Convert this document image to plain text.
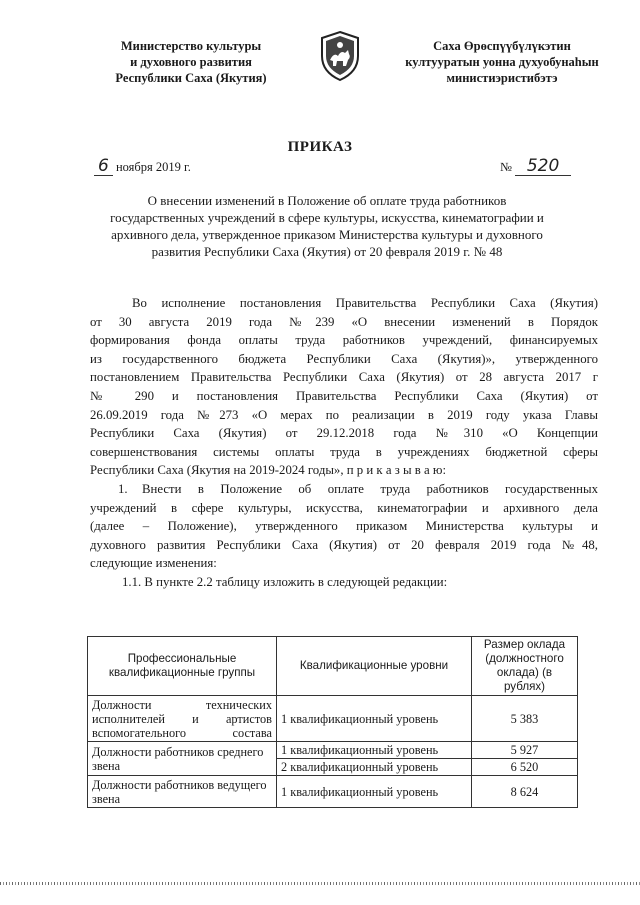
Министерство культуры
и духовного развития
Республики Саха (Якутия)
Саха Өрөспүүбүлүкэтин
култууратын уонна духуобунаһын
министиэристибэтэ
ПРИКАЗ
6 ноября 2019 г.	№ 520
О внесении изменений в Положение об оплате труда работников
государственных учреждений в сфере культуры, искусства, кинематографии и
архивного дела, утвержденное приказом Министерства культуры и духовного
развития Республики Саха (Якутия) от 20 февраля 2019 г. № 48
Во исполнение постановления Правительства Республики Саха (Якутия)
от 30 августа 2019 года №239 «О внесении изменений в Порядок
формирования фонда оплаты труда работников учреждений, финансируемых
из государственного бюджета Республики Саха (Якутия)», утвержденного
постановлением Правительства Республики Саха (Якутия) от 28 августа 2017 г
№ 290 и постановления Правительства Республики Саха (Якутия) от
26.09.2019 года №273 «О мерах по реализации в 2019 году указа Главы
Республики Саха (Якутия) от 29.12.2018 года №310 «О Концепции
совершенствования системы оплаты труда в учреждениях бюджетной сферы
Республики Саха (Якутия на 2019-2024 годы», п р и к а з ы в а ю:
1. Внести в Положение об оплате труда работников государственных
учреждений в сфере культуры, искусства, кинематографии и архивного дела
(далее – Положение), утвержденного приказом Министерства культуры и
духовного развития Республики Саха (Якутия) от 20 февраля 2019 года №48,
следующие изменения:
1.1. В пункте 2.2 таблицу изложить в следующей редакции:
Профессиональные квалификационные группы	Квалификационные уровни	Размер оклада (должностного оклада) (в рублях)
Должности технических исполнителей и артистов вспомогательного состава	1 квалификационный уровень	5 383
Должности работников среднего звена	1 квалификационный уровень	5 927
	2 квалификационный уровень	6 520
Должности работников ведущего звена	1 квалификационный уровень	8 624
